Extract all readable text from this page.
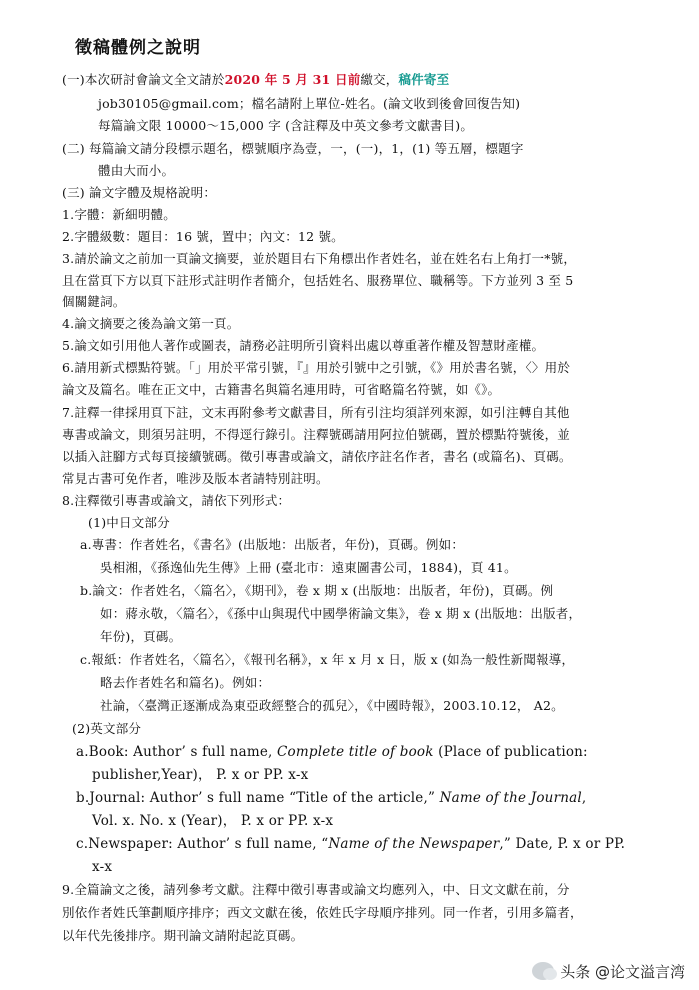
徵稿體例之說明
(一)本次研討會論文全文請於2020 年 5 月 31 日前繳交，稿件寄至
job30105@gmail.com；檔名請附上單位-姓名。(論文收到後會回復告知)
每篇論文限 10000～15,000 字 (含註釋及中英文參考文獻書目)。
(二) 每篇論文請分段標示題名，標號順序為壹，一，(一)，1，(1) 等五層，標題字
體由大而小。
(三) 論文字體及規格說明：
1.字體：新細明體。
2.字體級數：題目：16 號，置中；內文：12 號。
3.請於論文之前加一頁論文摘要，並於題目右下角標出作者姓名，並在姓名右上角打一*號，
且在當頁下方以頁下註形式註明作者簡介，包括姓名、服務單位、職稱等。下方並列 3 至 5
個關鍵詞。
4.論文摘要之後為論文第一頁。
5.論文如引用他人著作或圖表，請務必註明所引資料出處以尊重著作權及智慧財產權。
6.請用新式標點符號。「」用於平常引號，『』用於引號中之引號，《》用於書名號，〈〉用於
論文及篇名。唯在正文中，古籍書名與篇名連用時，可省略篇名符號，如《》。
7.註釋一律採用頁下註，文末再附參考文獻書目，所有引注均須詳列來源，如引注轉自其他
專書或論文，則須另註明，不得逕行錄引。注釋號碼請用阿拉伯號碼，置於標點符號後，並
以插入註腳方式每頁接續號碼。徵引專書或論文，請依序註名作者，書名 (或篇名)、頁碼。
常見古書可免作者，唯涉及版本者請特別註明。
8.注釋徵引專書或論文，請依下列形式：
(1)中日文部分
a.專書：作者姓名，《書名》(出版地：出版者，年份)，頁碼。例如：
吳相湘，《孫逸仙先生傳》上冊 (臺北市：遠東圖書公司，1884)，頁 41。
b.論文：作者姓名，〈篇名〉，《期刊》，卷 x 期 x (出版地：出版者，年份)，頁碼。例
如：蔣永敬，〈篇名〉，《孫中山與現代中國學術論文集》，卷 x 期 x (出版地：出版者，
年份)，頁碼。
c.報紙：作者姓名，〈篇名〉，《報刊名稱》，x 年 x 月 x 日，版 x (如為一般性新聞報導，
略去作者姓名和篇名)。例如：
社論，〈臺灣正逐漸成為東亞政經整合的孤兒〉，《中國時報》，2003.10.12， A2。
(2)英文部分
a.Book: Author’ s full name, Complete title of book (Place of publication:
publisher,Year)， P. x or PP. x-x
b.Journal: Author’ s full name “Title of the article,” Name of the Journal,
Vol. x. No. x (Year)， P. x or PP. x-x
c.Newspaper: Author’ s full name, “Name of the Newspaper,” Date, P. x or PP.
x-x
9.全篇論文之後，請列參考文獻。注釋中徵引專書或論文均應列入，中、日文文獻在前，分
別依作者姓氏筆劃順序排序；西文文獻在後，依姓氏字母順序排列。同一作者，引用多篇者，
以年代先後排序。期刊論文請附起訖頁碼。
头条 @论文溢言湾
